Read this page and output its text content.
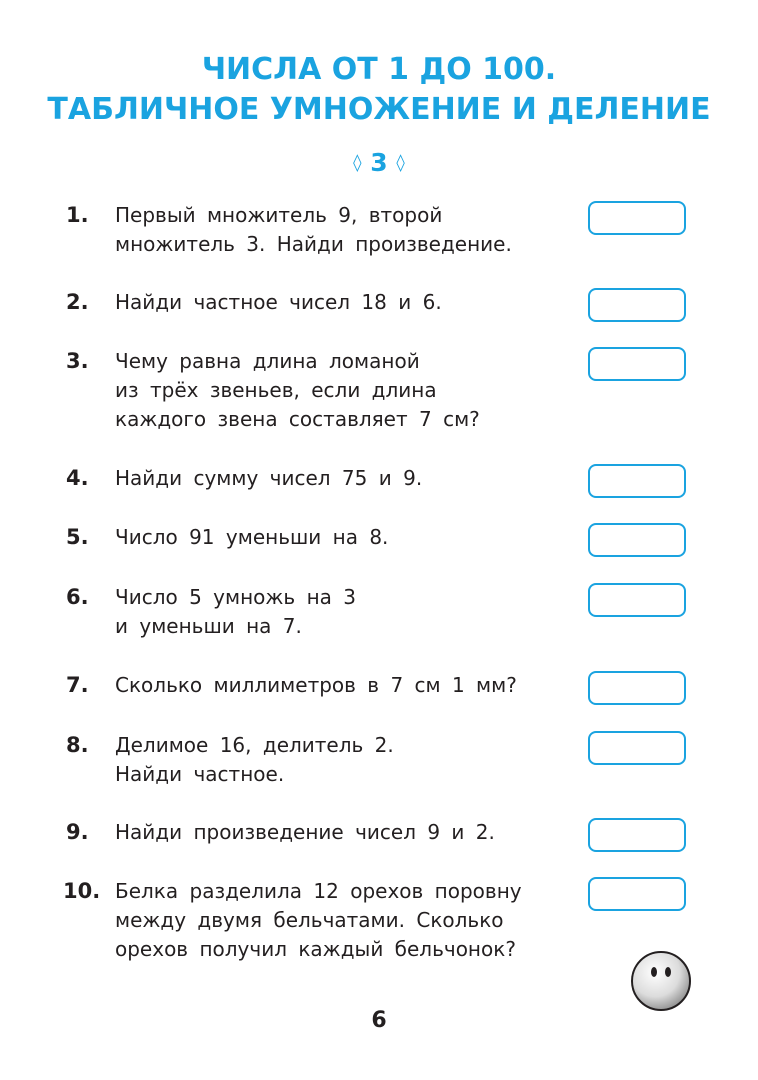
ЧИСЛА ОТ 1 ДО 100.
ТАБЛИЧНОЕ УМНОЖЕНИЕ И ДЕЛЕНИЕ
◊ 3 ◊
1. Первый множитель 9, второй
множитель 3. Найди произведение.
2. Найди частное чисел 18 и 6.
3. Чему равна длина ломаной
из трёх звеньев, если длина
каждого звена составляет 7 см?
4. Найди сумму чисел 75 и 9.
5. Число 91 уменьши на 8.
6. Число 5 умножь на 3
и уменьши на 7.
7. Сколько миллиметров в 7 см 1 мм?
8. Делимое 16, делитель 2.
Найди частное.
9. Найди произведение чисел 9 и 2.
10. Белка разделила 12 орехов поровну
между двумя бельчатами. Сколько
орехов получил каждый бельчонок?
6
